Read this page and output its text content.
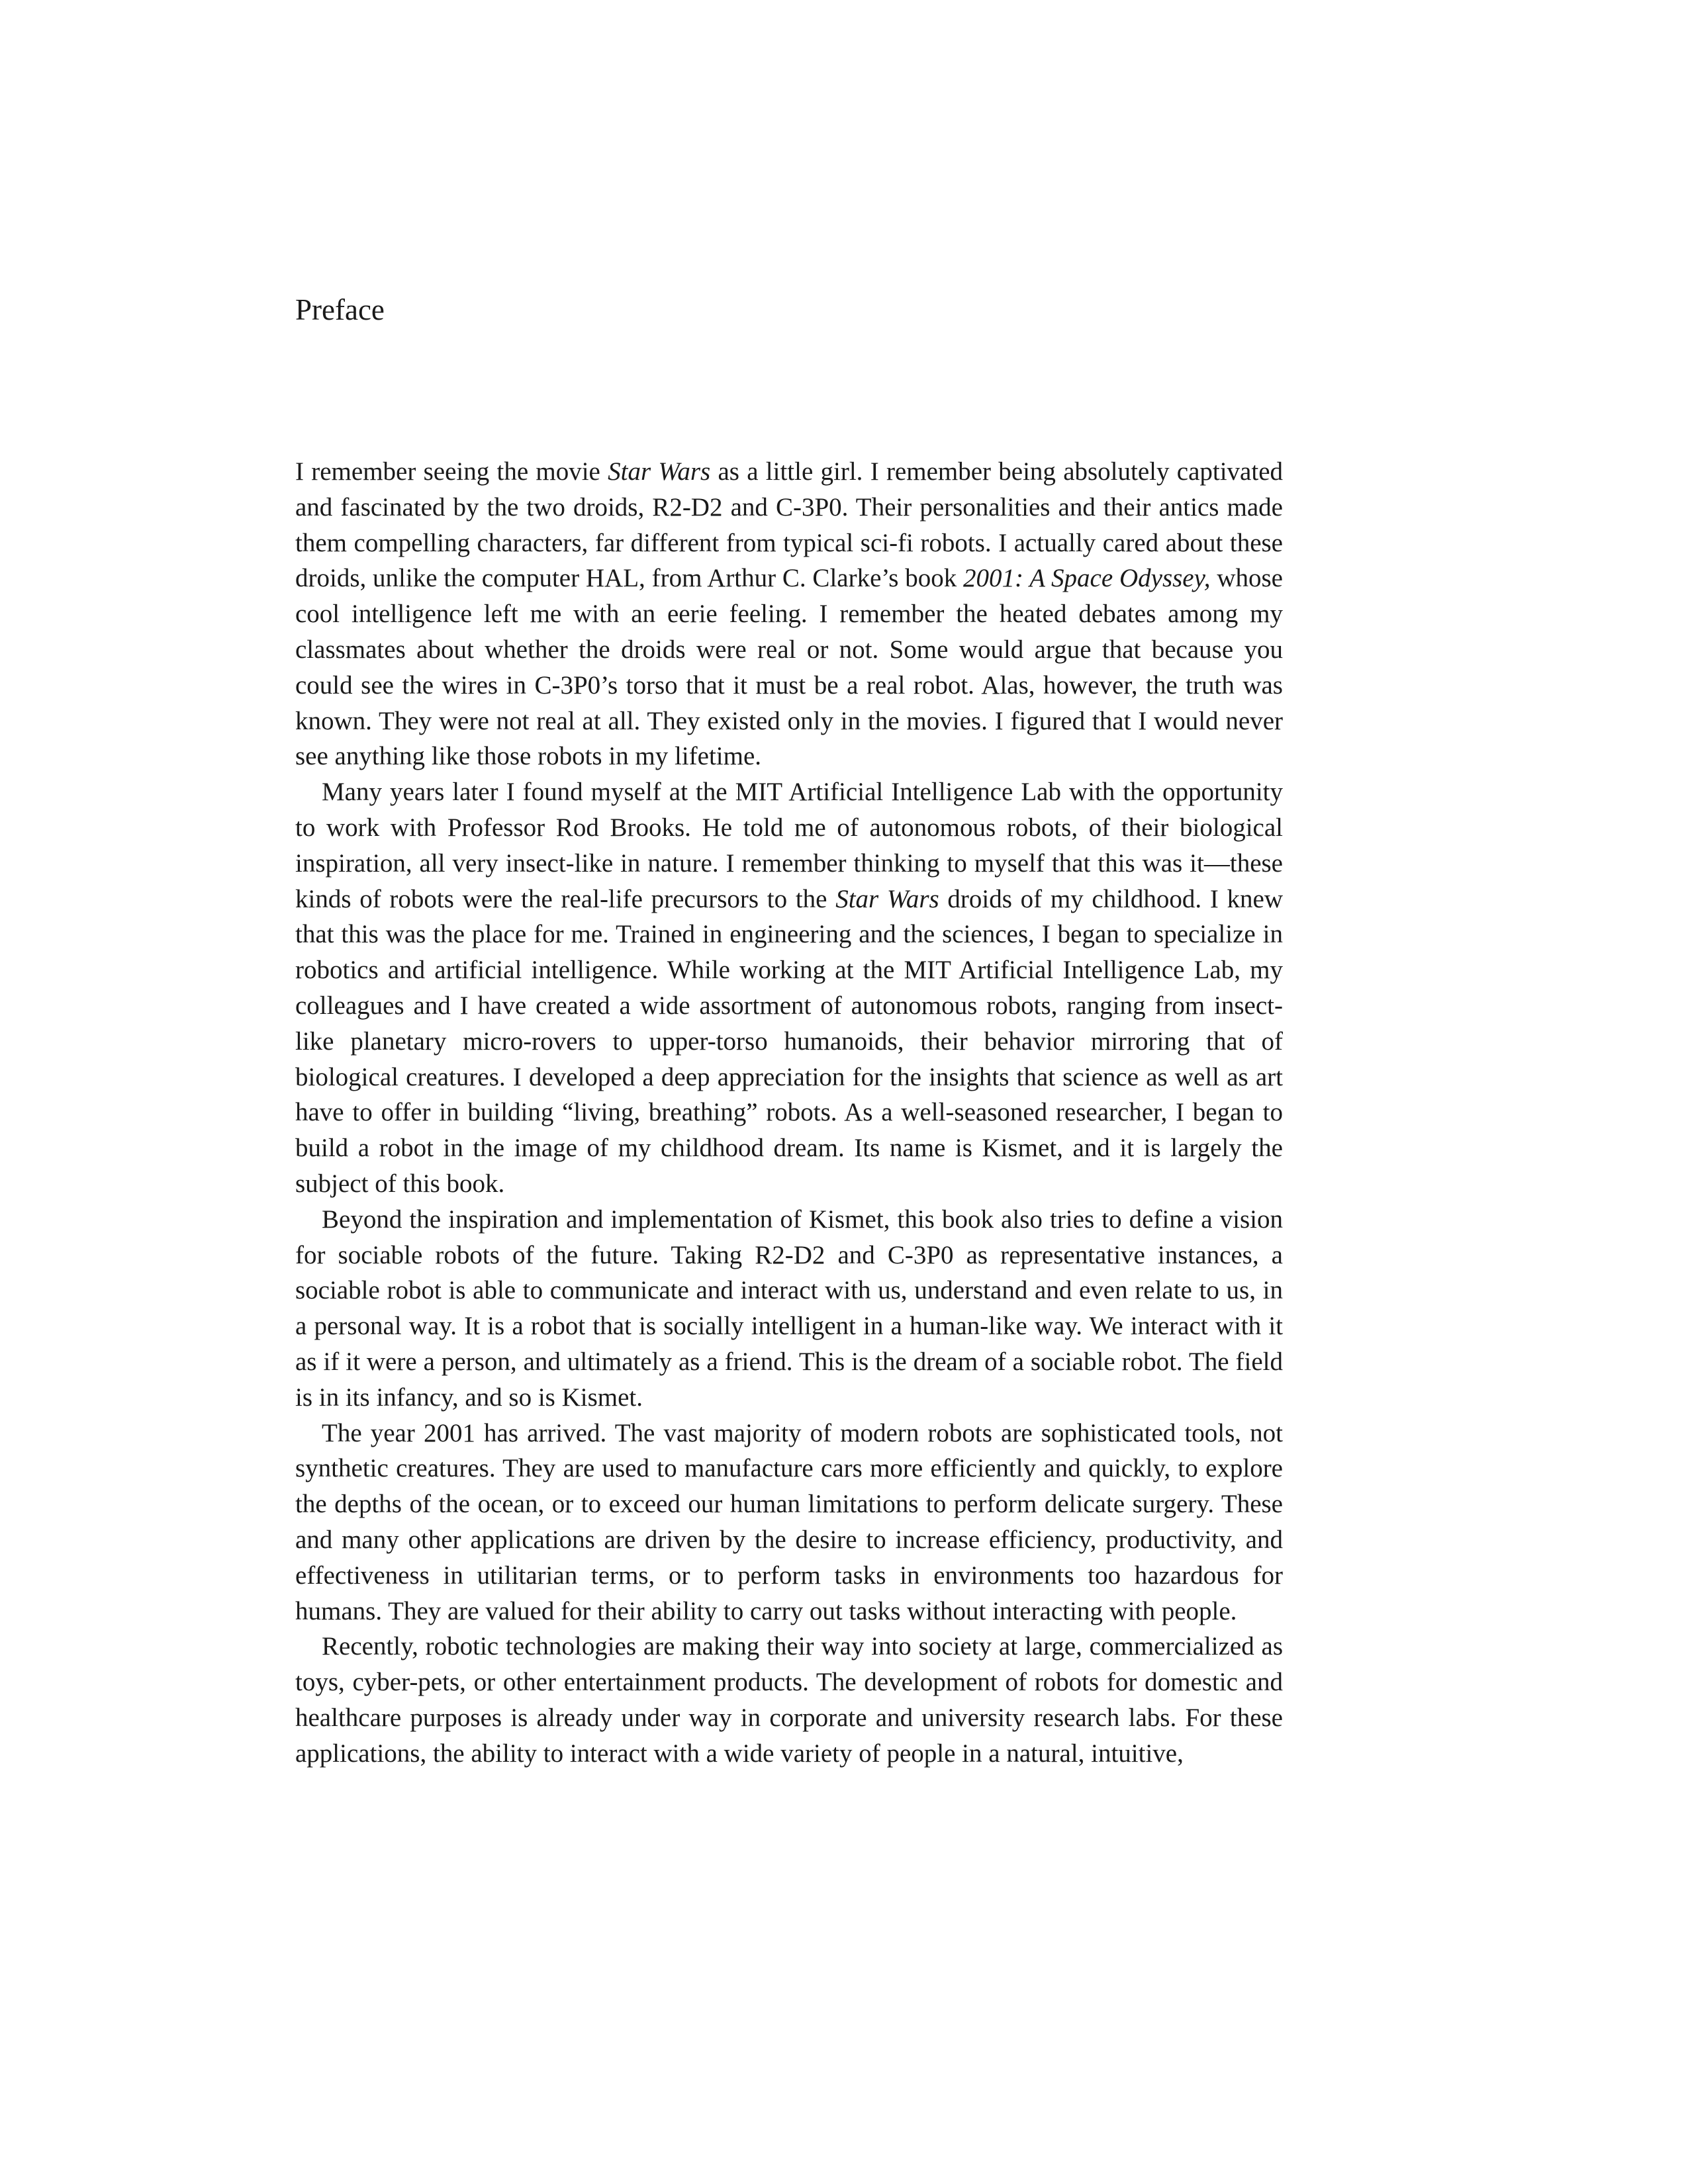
Preface

I remember seeing the movie Star Wars as a little girl. I remember being absolutely captivated and fascinated by the two droids, R2-D2 and C-3P0. Their personalities and their antics made them compelling characters, far different from typical sci-fi robots. I actually cared about these droids, unlike the computer HAL, from Arthur C. Clarke’s book 2001: A Space Odyssey, whose cool intelligence left me with an eerie feeling. I remember the heated debates among my classmates about whether the droids were real or not. Some would argue that because you could see the wires in C-3P0’s torso that it must be a real robot. Alas, however, the truth was known. They were not real at all. They existed only in the movies. I figured that I would never see anything like those robots in my lifetime.

Many years later I found myself at the MIT Artificial Intelligence Lab with the opportunity to work with Professor Rod Brooks. He told me of autonomous robots, of their biological inspiration, all very insect-like in nature. I remember thinking to myself that this was it—these kinds of robots were the real-life precursors to the Star Wars droids of my childhood. I knew that this was the place for me. Trained in engineering and the sciences, I began to specialize in robotics and artificial intelligence. While working at the MIT Artificial Intelligence Lab, my colleagues and I have created a wide assortment of autonomous robots, ranging from insect-like planetary micro-rovers to upper-torso humanoids, their behavior mirroring that of biological creatures. I developed a deep appreciation for the insights that science as well as art have to offer in building “living, breathing” robots. As a well-seasoned researcher, I began to build a robot in the image of my childhood dream. Its name is Kismet, and it is largely the subject of this book.

Beyond the inspiration and implementation of Kismet, this book also tries to define a vision for sociable robots of the future. Taking R2-D2 and C-3P0 as representative instances, a sociable robot is able to communicate and interact with us, understand and even relate to us, in a personal way. It is a robot that is socially intelligent in a human-like way. We interact with it as if it were a person, and ultimately as a friend. This is the dream of a sociable robot. The field is in its infancy, and so is Kismet.

The year 2001 has arrived. The vast majority of modern robots are sophisticated tools, not synthetic creatures. They are used to manufacture cars more efficiently and quickly, to explore the depths of the ocean, or to exceed our human limitations to perform delicate surgery. These and many other applications are driven by the desire to increase efficiency, productivity, and effectiveness in utilitarian terms, or to perform tasks in environments too hazardous for humans. They are valued for their ability to carry out tasks without interacting with people.

Recently, robotic technologies are making their way into society at large, commercialized as toys, cyber-pets, or other entertainment products. The development of robots for domestic and healthcare purposes is already under way in corporate and university research labs. For these applications, the ability to interact with a wide variety of people in a natural, intuitive,
